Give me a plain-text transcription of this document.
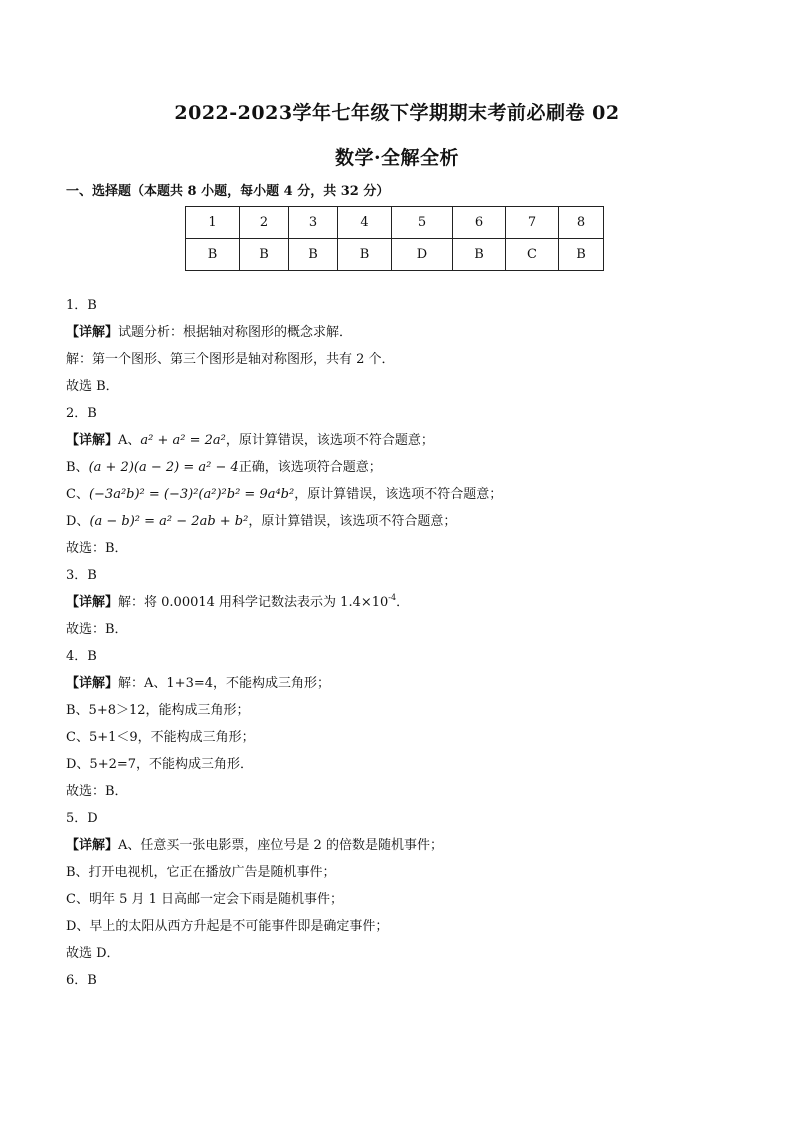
2022-2023学年七年级下学期期末考前必刷卷 02
数学·全解全析
一、选择题（本题共 8 小题，每小题 4 分，共 32 分）
1	2	3	4	5	6	7	8
B	B	B	B	D	B	C	B
1．B
【详解】试题分析：根据轴对称图形的概念求解．
解：第一个图形、第三个图形是轴对称图形，共有 2 个．
故选 B．
2．B
【详解】A、a² + a² = 2a²，原计算错误，该选项不符合题意；
B、(a + 2)(a − 2) = a² − 4正确，该选项符合题意；
C、(−3a²b)² = (−3)²(a²)²b² = 9a⁴b²，原计算错误，该选项不符合题意；
D、(a − b)² = a² − 2ab + b²，原计算错误，该选项不符合题意；
故选：B．
3．B
【详解】解：将 0.00014 用科学记数法表示为 $1.4\times 10^{-4}$．
故选：B．
4．B
【详解】解：A、1+3=4，不能构成三角形；
B、5+8＞12，能构成三角形；
C、5+1＜9，不能构成三角形；
D、5+2=7，不能构成三角形．
故选：B．
5．D
【详解】A、任意买一张电影票，座位号是 2 的倍数是随机事件；
B、打开电视机，它正在播放广告是随机事件；
C、明年 5 月 1 日高邮一定会下雨是随机事件；
D、早上的太阳从西方升起是不可能事件即是确定事件；
故选 D．
6．B
